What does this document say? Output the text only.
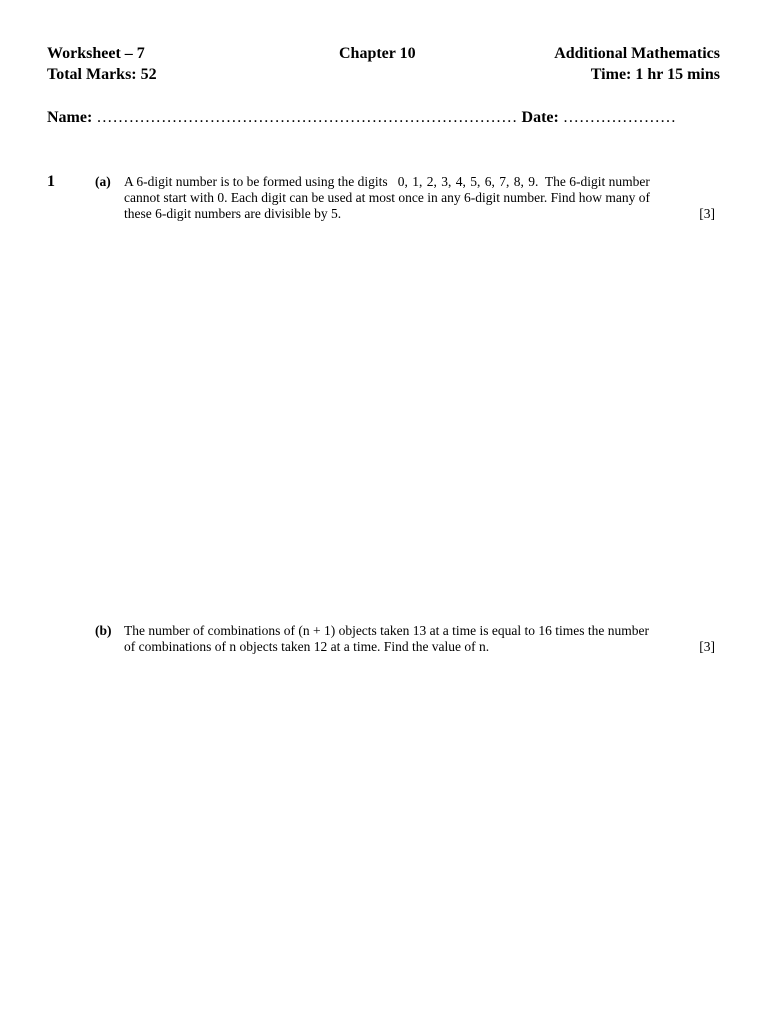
Worksheet – 7	Chapter 10	Additional Mathematics
Total Marks: 52	Time: 1 hr 15 mins
Name: …………………………………………………………………… Date: …………………
1	(a) A 6-digit number is to be formed using the digits 0, 1, 2, 3, 4, 5, 6, 7, 8, 9. The 6-digit number
cannot start with 0. Each digit can be used at most once in any 6-digit number. Find how many of
these 6-digit numbers are divisible by 5.	[3]
(b) The number of combinations of (n + 1) objects taken 13 at a time is equal to 16 times the number
of combinations of n objects taken 12 at a time. Find the value of n.	[3]
